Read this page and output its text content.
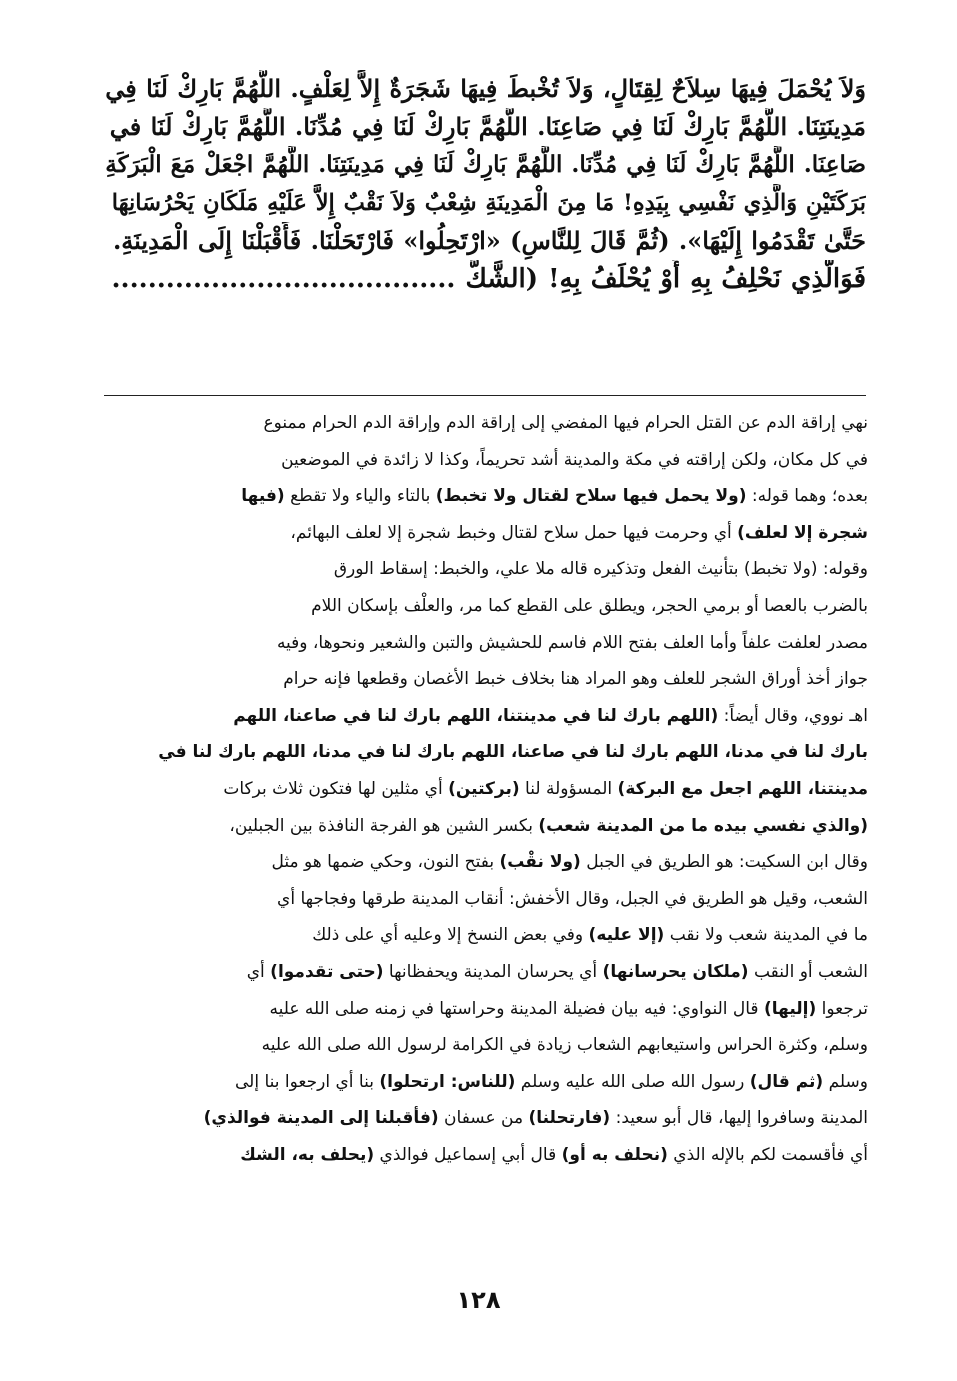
وَلاَ يُحْمَلَ فِيهَا سِلاَحٌ لِقِتَالٍ، وَلاَ تُخْبطَ فِيهَا شَجَرَةٌ إِلاَّ لِعَلْفٍ. اللَّهُمَّ بَارِكْ لَنَا فِي
مَدِينَتِنَا. اللَّهُمَّ بَارِكْ لَنَا فِي صَاعِنَا. اللَّهُمَّ بَارِكْ لَنَا فِي مُدِّنَا. اللَّهُمَّ بَارِكْ لَنَا في
صَاعِنَا. اللَّهُمَّ بَارِكْ لَنَا فِي مُدِّنَا. اللَّهُمَّ بَارِكْ لَنَا فِي مَدِينَتِنَا. اللَّهُمَّ اجْعَلْ مَعَ الْبَرَكَةِ
بَرَكَتَيْنِ وَالَّذِي نَفْسِي بِيَدِهِ! مَا مِنَ الْمَدِينَةِ شِعْبٌ وَلاَ نَقْبٌ إِلاَّ عَلَيْهِ مَلَكَانِ يَحْرُسَانِهَا
حَتَّىٰ تَقْدَمُوا إِلَيْهَا». (ثُمَّ قَالَ لِلنَّاسِ) «ارْتَحِلُوا» فَارْتَحَلْنَا. فَأَقْبَلْنَا إِلَى الْمَدِينَةِ.
فَوَالَّذِي نَحْلِفُ بِهِ أَوْ يُحْلَفُ بِهِ! (الشَّكُّ ......................................
نهي إراقة الدم عن القتل الحرام فيها المفضي إلى إراقة الدم وإراقة الدم الحرام ممنوع
في كل مكان، ولكن إراقته في مكة والمدينة أشد تحريماً، وكذا لا زائدة في الموضعين
بعده؛ وهما قوله: (ولا يحمل فيها سلاح لقتال ولا تخبط) بالتاء والياء ولا تقطع (فيها
شجرة إلا لعلف) أي وحرمت فيها حمل سلاح لقتال وخبط شجرة إلا لعلف البهائم،
وقوله: (ولا تخبط) بتأنيث الفعل وتذكيره قاله ملا علي، والخبط: إسقاط الورق
بالضرب بالعصا أو برمي الحجر، ويطلق على القطع كما مر، والعلْف بإسكان اللام
مصدر لعلفت علفاً وأما العلف بفتح اللام فاسم للحشيش والتبن والشعير ونحوها، وفيه
جواز أخذ أوراق الشجر للعلف وهو المراد هنا بخلاف خبط الأغصان وقطعها فإنه حرام
اهـ نووي، وقال أيضاً: (اللهم بارك لنا في مدينتنا، اللهم بارك لنا في صاعنا، اللهم
بارك لنا في مدنا، اللهم بارك لنا في صاعنا، اللهم بارك لنا في مدنا، اللهم بارك لنا في
مدينتنا، اللهم اجعل مع البركة) المسؤولة لنا (بركتين) أي مثلين لها فتكون ثلاث بركات
(والذي نفسي بيده ما من المدينة شعب) بكسر الشين هو الفرجة النافذة بين الجبلين،
وقال ابن السكيت: هو الطريق في الجبل (ولا نقْب) بفتح النون، وحكي ضمها هو مثل
الشعب، وقيل هو الطريق في الجبل، وقال الأخفش: أنقاب المدينة طرقها وفجاجها أي
ما في المدينة شعب ولا نقب (إلا عليه) وفي بعض النسخ إلا وعليه أي على ذلك
الشعب أو النقب (ملكان يحرسانها) أي يحرسان المدينة ويحفظانها (حتى تقدموا) أي
ترجعوا (إليها) قال النواوي: فيه بيان فضيلة المدينة وحراستها في زمنه صلى الله عليه
وسلم، وكثرة الحراس واستيعابهم الشعاب زيادة في الكرامة لرسول الله صلى الله عليه
وسلم (ثم قال) رسول الله صلى الله عليه وسلم (للناس: ارتحلوا) بنا أي ارجعوا بنا إلى
المدينة وسافروا إليها، قال أبو سعيد: (فارتحلنا) من عسفان (فأقبلنا إلى المدينة فوالذي)
أي فأقسمت لكم بالإله الذي (نحلف به أو) قال أبي إسماعيل فوالذي (يحلف به، الشك
١٢٨
